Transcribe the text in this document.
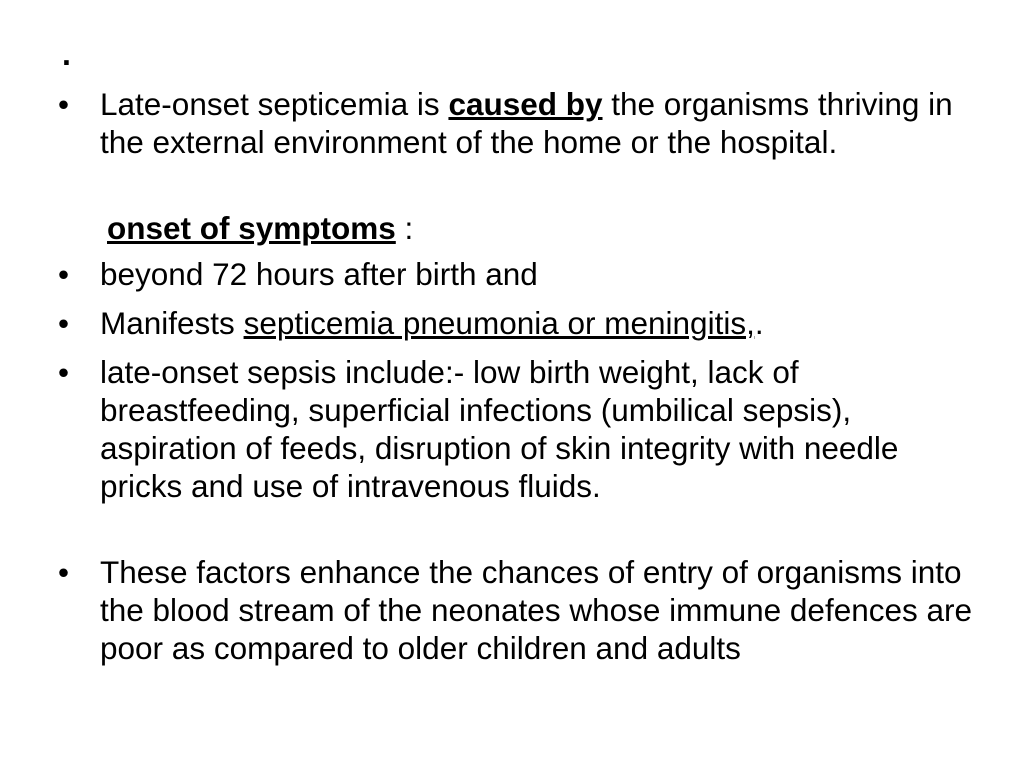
.
• Late-onset septicemia is caused by the organisms thriving in the external environment of the home or the hospital.
onset of symptoms :
• beyond 72 hours after birth and
• Manifests septicemia pneumonia or meningitis,.
• late-onset sepsis include:- low birth weight, lack of breastfeeding, superficial infections (umbilical sepsis), aspiration of feeds, disruption of skin integrity with needle pricks and use of intravenous fluids.
• These factors enhance the chances of entry of organisms into the blood stream of the neonates whose immune defences are poor as compared to older children and adults
